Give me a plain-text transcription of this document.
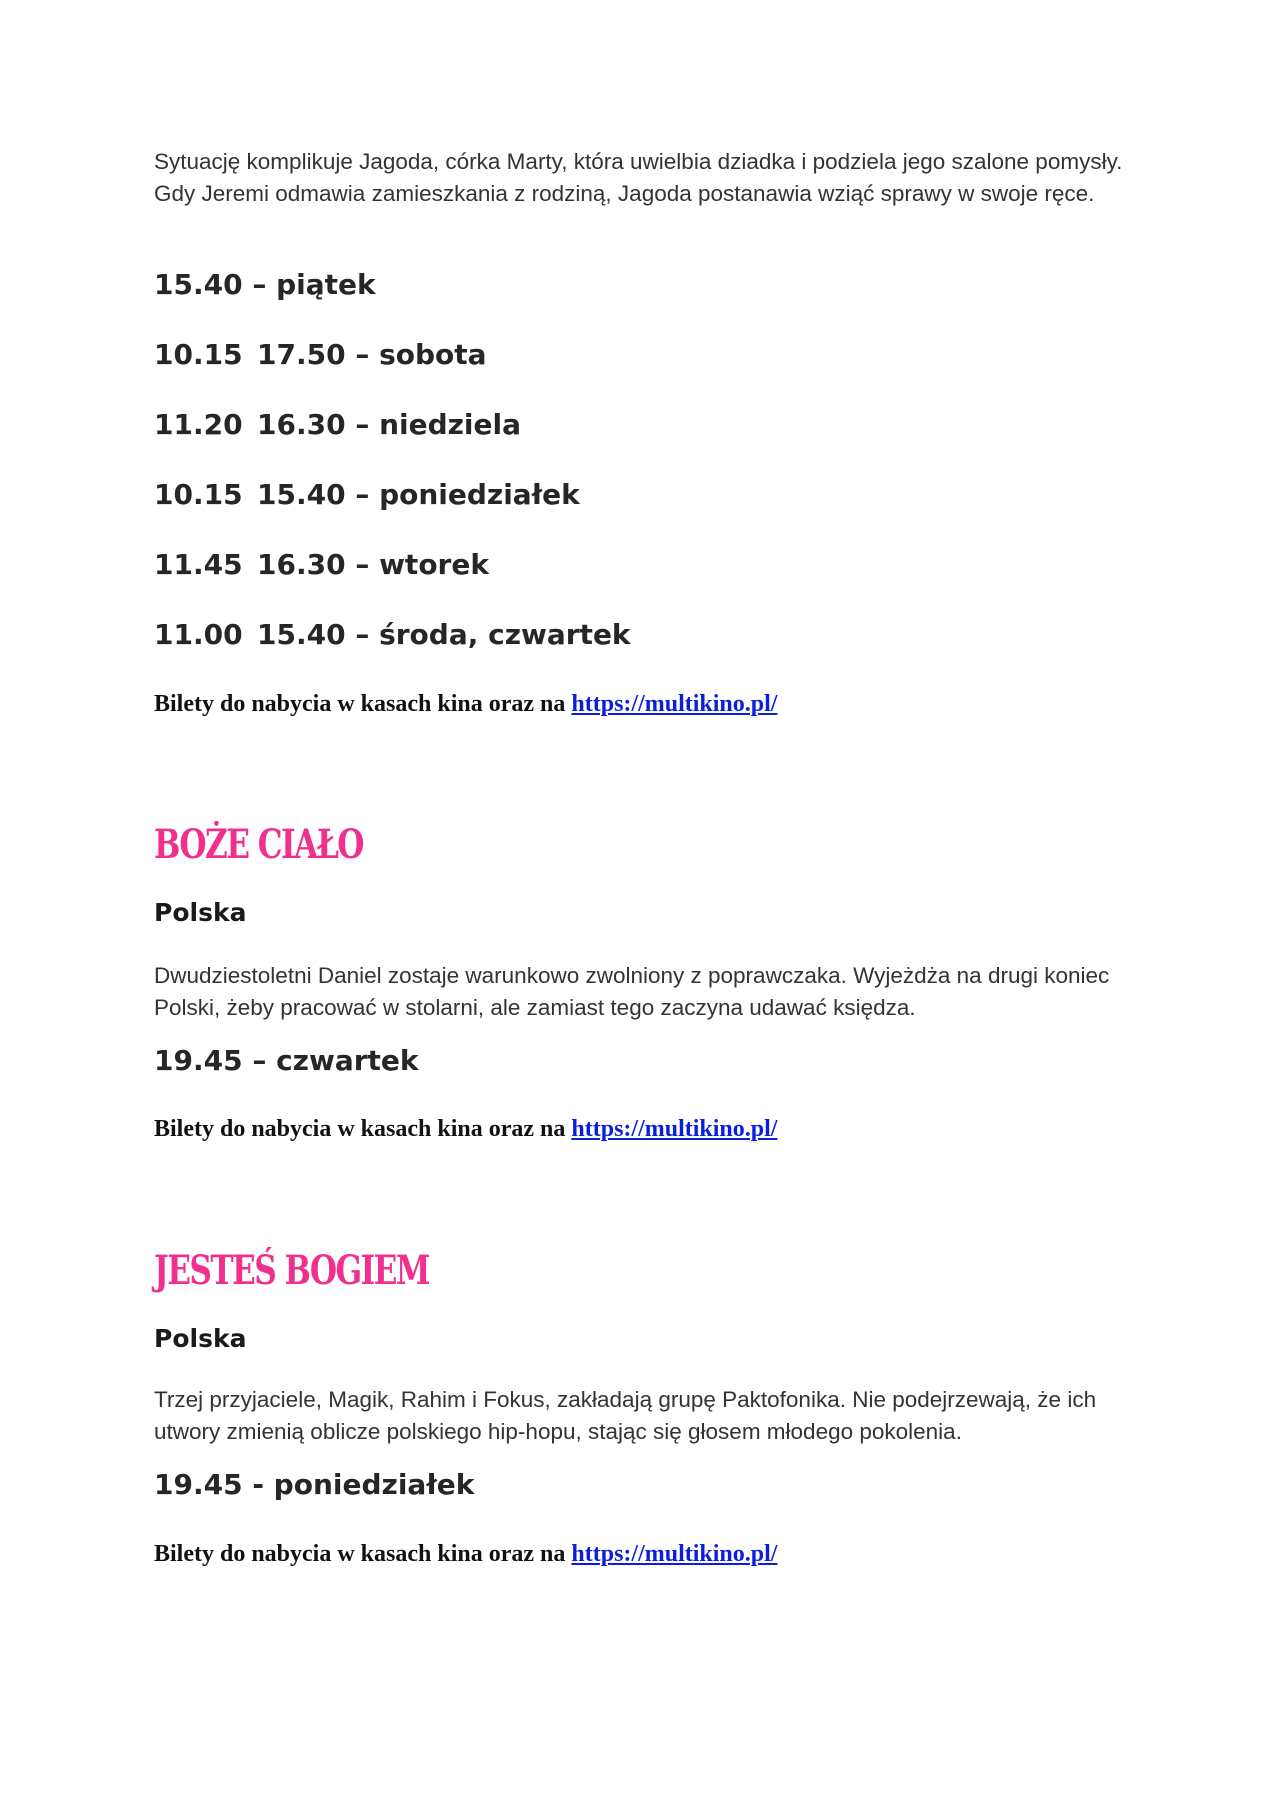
Sytuację komplikuje Jagoda, córka Marty, która uwielbia dziadka i podziela jego szalone pomysły. Gdy Jeremi odmawia zamieszkania z rodziną, Jagoda postanawia wziąć sprawy w swoje ręce.

15.40 – piątek

10.15 17.50 – sobota

11.20 16.30 – niedziela

10.15 15.40 – poniedziałek

11.45 16.30 – wtorek

11.00 15.40 – środa, czwartek

Bilety do nabycia w kasach kina oraz na https://multikino.pl/

BOŻE CIAŁO

Polska

Dwudziestoletni Daniel zostaje warunkowo zwolniony z poprawczaka. Wyjeżdża na drugi koniec Polski, żeby pracować w stolarni, ale zamiast tego zaczyna udawać księdza.

19.45 – czwartek

Bilety do nabycia w kasach kina oraz na https://multikino.pl/

JESTEŚ BOGIEM

Polska

Trzej przyjaciele, Magik, Rahim i Fokus, zakładają grupę Paktofonika. Nie podejrzewają, że ich utwory zmienią oblicze polskiego hip-hopu, stając się głosem młodego pokolenia.

19.45 - poniedziałek

Bilety do nabycia w kasach kina oraz na https://multikino.pl/
